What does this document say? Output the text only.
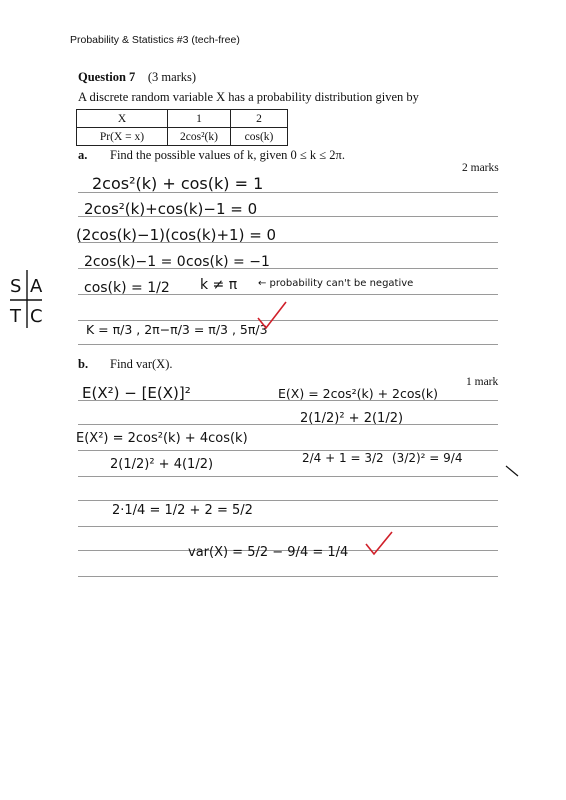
Probability & Statistics #3 (tech-free)
Question 7 (3 marks)
A discrete random variable X has a probability distribution given by
X	1	2
Pr(X = x)	2cos²(k)	cos(k)
a. Find the possible values of k, given 0 ≤ k ≤ 2π.
2 marks
b. Find var(X).
1 mark
S A
T C
2cos²(k) + cos(k) = 1
2cos²(k)+cos(k)−1 = 0
(2cos(k)−1)(cos(k)+1) = 0
2cos(k)−1 = 0 cos(k) = −1
cos(k) = 1/2 k ≠ π ← probability can't be negative
K = π/3 , 2π−π/3 = π/3 , 5π/3
E(X²) − [E(X)]²	E(X) = 2cos²(k) + 2cos(k)
2(1/2)² + 2(1/2)
E(X²) = 2cos²(k) + 4cos(k)
2(1/2)² + 4(1/2)	2/4 + 1 = 3/2 (3/2)² = 9/4
2·1/4 = 1/2 + 2 = 5/2
var(X) = 5/2 − 9/4 = 1/4
